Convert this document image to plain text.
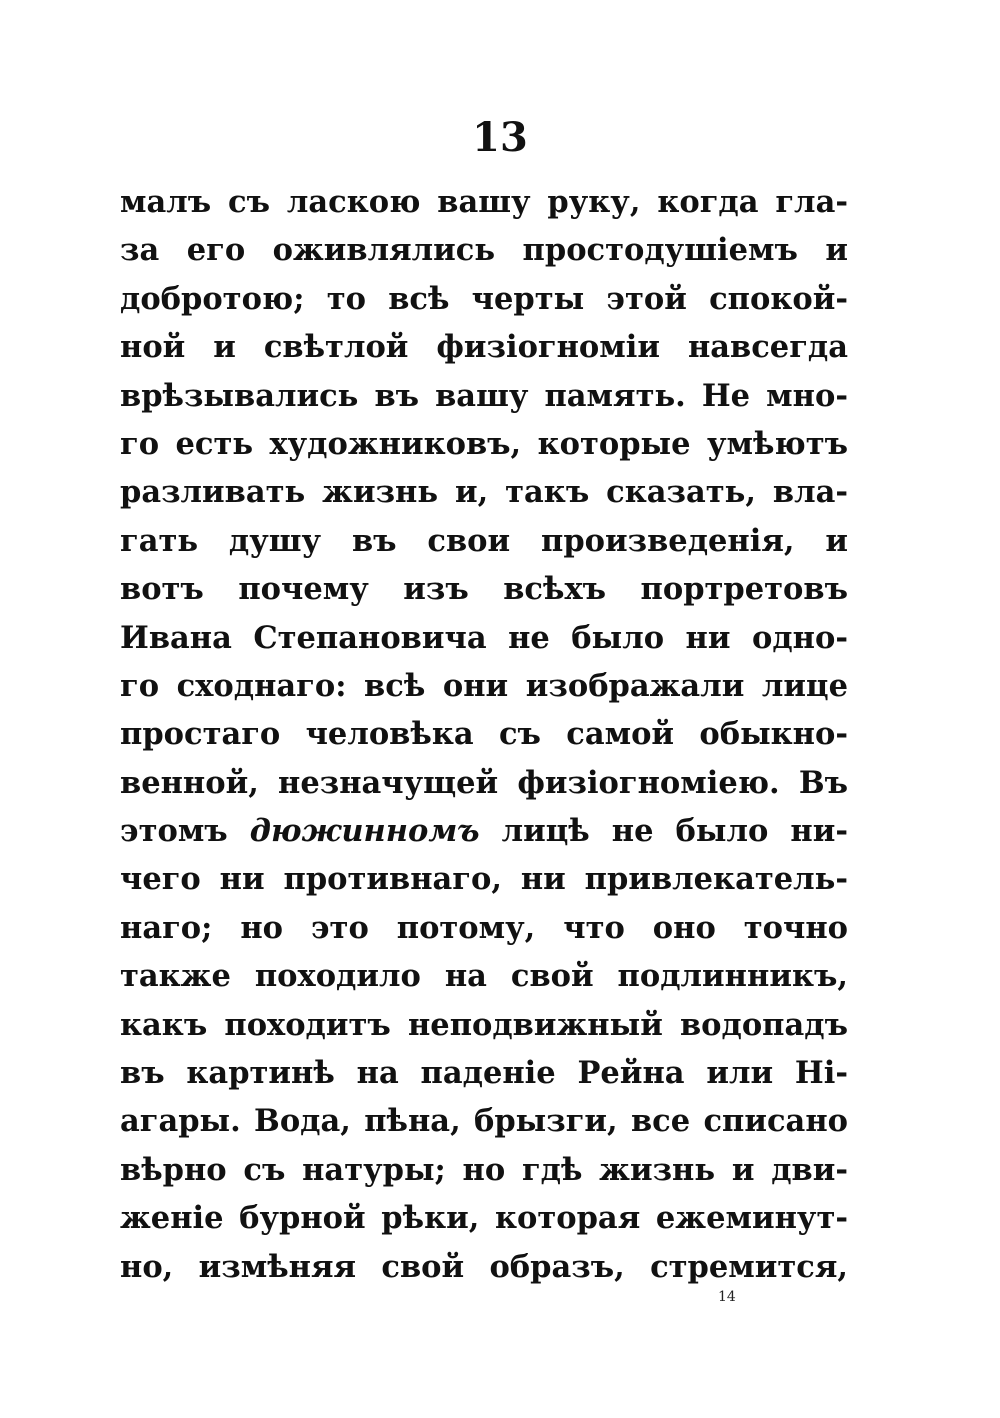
13
малъ съ ласкою вашу руку, когда гла-
за его оживлялись простодушіемъ и
добротою; то всѣ черты этой спокой-
ной и свѣтлой физіогноміи навсегда
врѣзывались въ вашу память. Не мно-
го есть художниковъ, которые умѣютъ
разливать жизнь и, такъ сказать, вла-
гать душу въ свои произведенія, и
вотъ почему изъ всѣхъ портретовъ
Ивана Степановича не было ни одно-
го сходнаго: всѣ они изображали лице
простаго человѣка съ самой обыкно-
венной, незначущей физіогноміею. Въ
этомъ дюжинномъ лицѣ не было ни-
чего ни противнаго, ни привлекатель-
наго; но это потому, что оно точно
также походило на свой подлинникъ,
какъ походитъ неподвижный водопадъ
въ картинѣ на паденіе Рейна или Ні-
агары. Вода, пѣна, брызги, все списано
вѣрно съ натуры; но гдѣ жизнь и дви-
женіе бурной рѣки, которая ежеминут-
но, измѣняя свой образъ, стремится,
14
